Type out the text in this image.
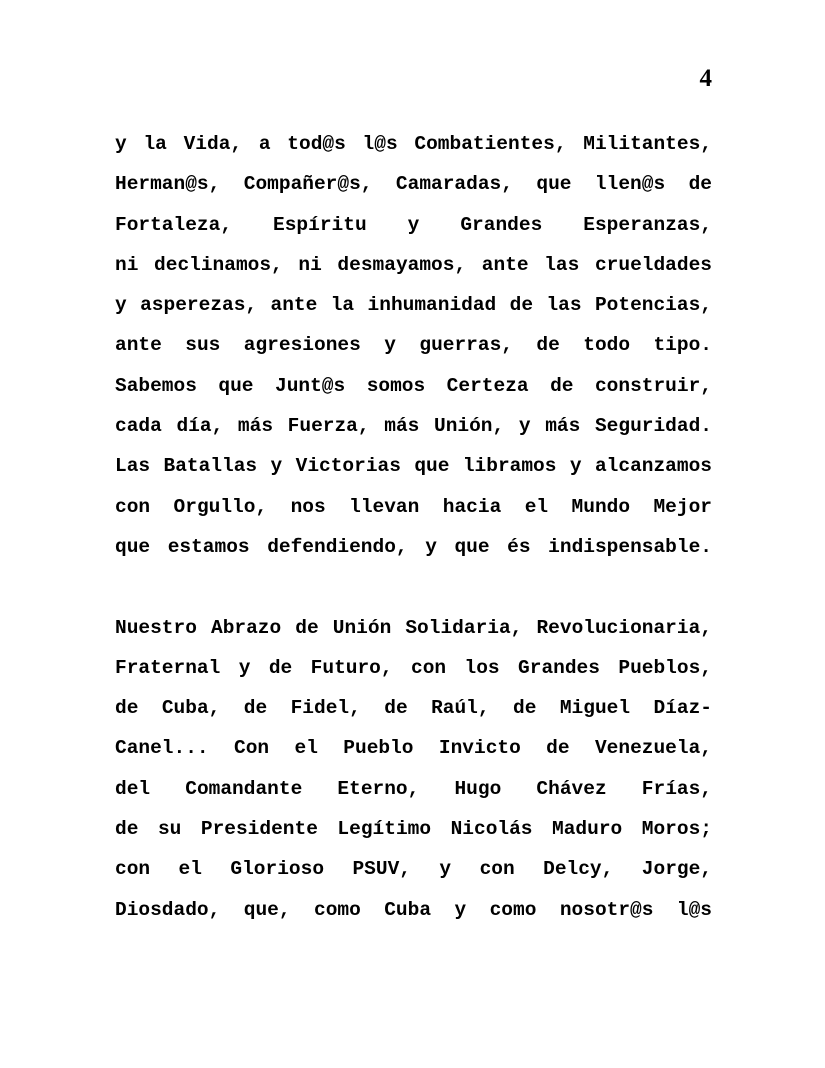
4
y la Vida, a tod@s l@s Combatientes, Militantes,
Herman@s, Compañer@s, Camaradas, que llen@s de
Fortaleza, Espíritu y Grandes Esperanzas,
ni declinamos, ni desmayamos, ante las crueldades
y asperezas, ante la inhumanidad de las Potencias,
ante sus agresiones y guerras, de todo tipo.
Sabemos que Junt@s somos Certeza de construir,
cada día, más Fuerza, más Unión, y más Seguridad.
Las Batallas y Victorias que libramos y alcanzamos
con Orgullo, nos llevan hacia el Mundo Mejor
que estamos defendiendo, y que és indispensable.
Nuestro Abrazo de Unión Solidaria, Revolucionaria,
Fraternal y de Futuro, con los Grandes Pueblos,
de Cuba, de Fidel, de Raúl, de Miguel Díaz-
Canel... Con el Pueblo Invicto de Venezuela,
del Comandante Eterno, Hugo Chávez Frías,
de su Presidente Legítimo Nicolás Maduro Moros;
con el Glorioso PSUV, y con Delcy, Jorge,
Diosdado, que, como Cuba y como nosotr@s l@s
